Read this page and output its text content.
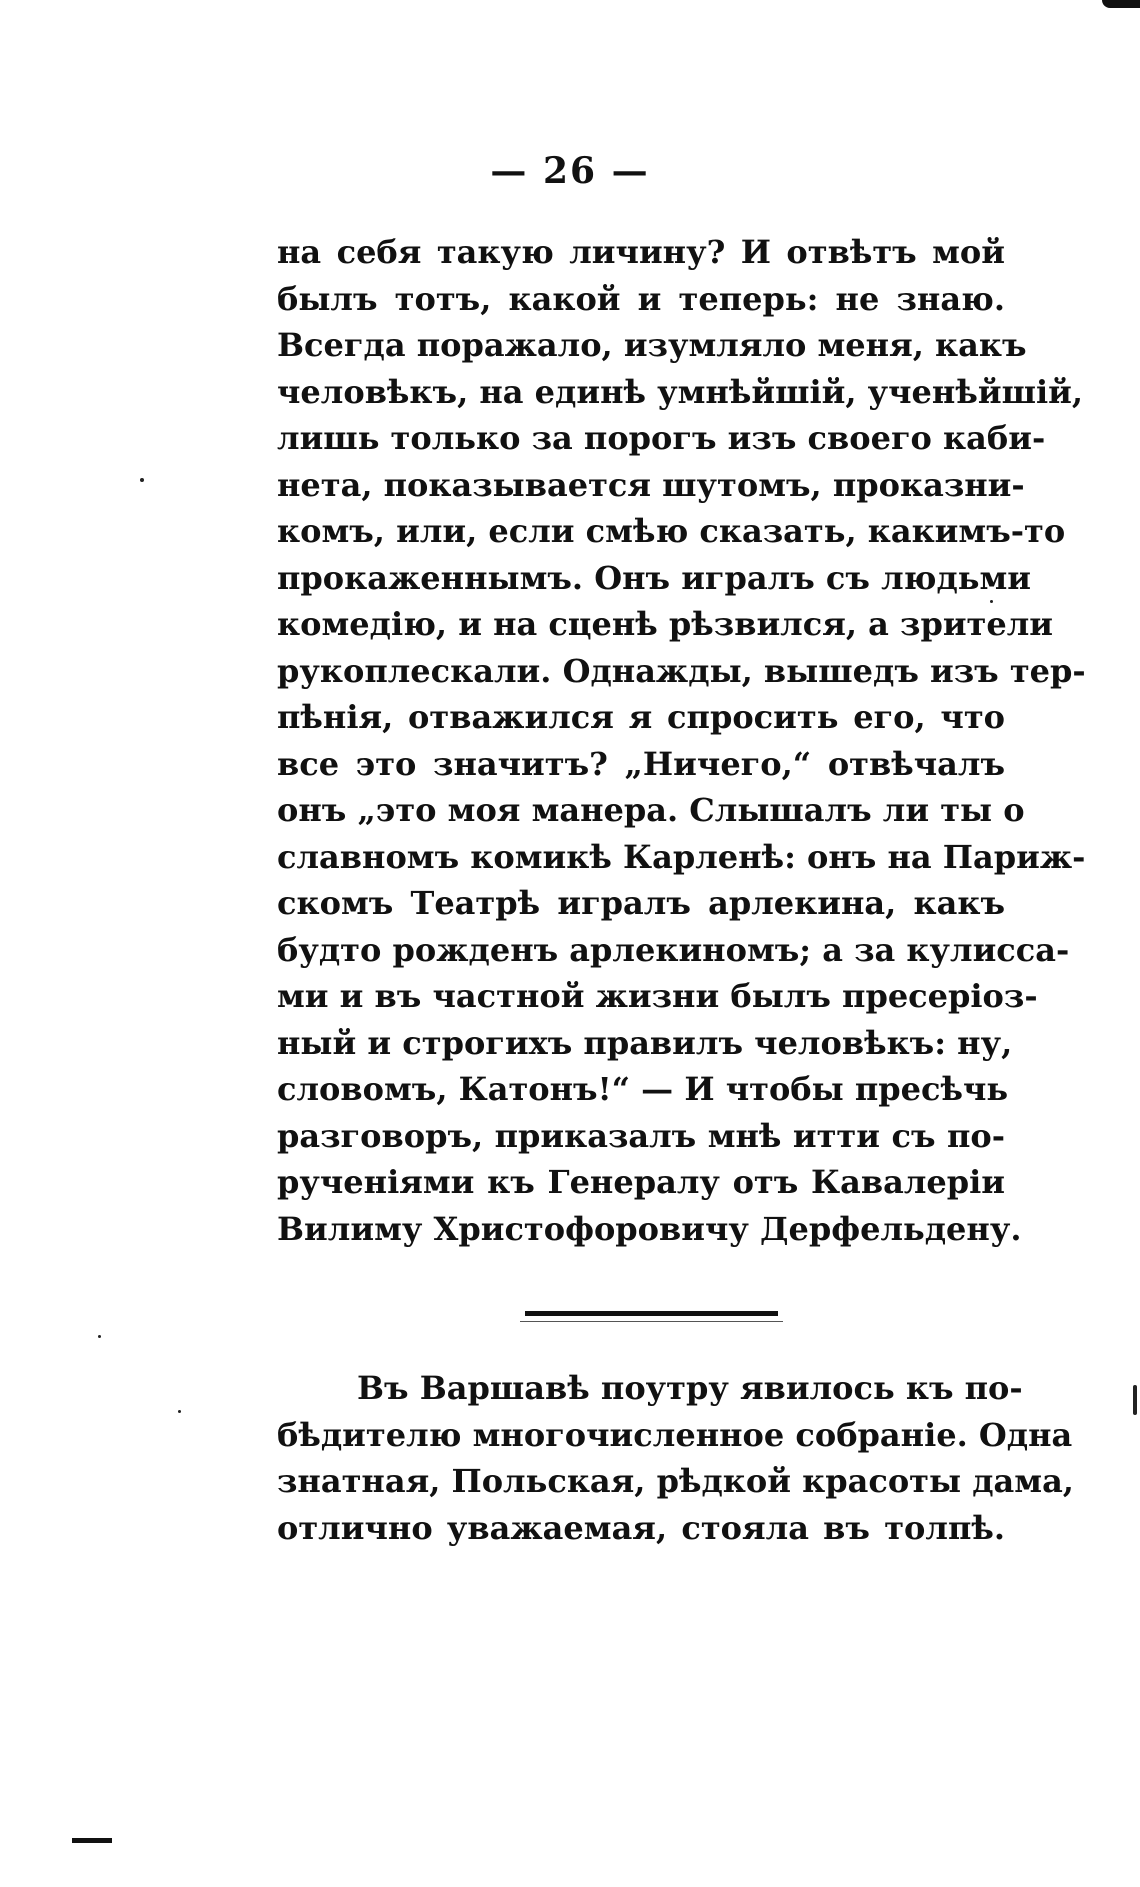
— 26 —
на себя такую личину? И отвѣтъ мой
былъ тотъ, какой и теперь: не знаю.
Всегда поражало, изумляло меня, какъ
человѣкъ, на единѣ умнѣйшій, ученѣйшій,
лишь только за порогъ изъ своего каби-
нета, показывается шутомъ, проказни-
комъ, или, если смѣю сказать, какимъ-то
прокаженнымъ. Онъ игралъ съ людьми
комедію, и на сценѣ рѣзвился, а зрители
рукоплескали. Однажды, вышедъ изъ тер-
пѣнія, отважился я спросить его, что
все это значитъ? „Ничего,“ отвѣчалъ
онъ „это моя манера. Слышалъ ли ты о
славномъ комикѣ Карленѣ: онъ на Париж-
скомъ Театрѣ игралъ арлекина, какъ
будто рожденъ арлекиномъ; а за кулисса-
ми и въ частной жизни былъ пресеріоз-
ный и строгихъ правилъ человѣкъ: ну,
словомъ, Катонъ!“ — И чтобы пресѣчь
разговоръ, приказалъ мнѣ итти съ по-
рученіями къ Генералу отъ Кавалеріи
Вилиму Христофоровичу Дерфельдену.
Въ Варшавѣ поутру явилось къ по-
бѣдителю многочисленное собраніе. Одна
знатная, Польская, рѣдкой красоты дама,
отлично уважаемая, стояла въ толпѣ.
